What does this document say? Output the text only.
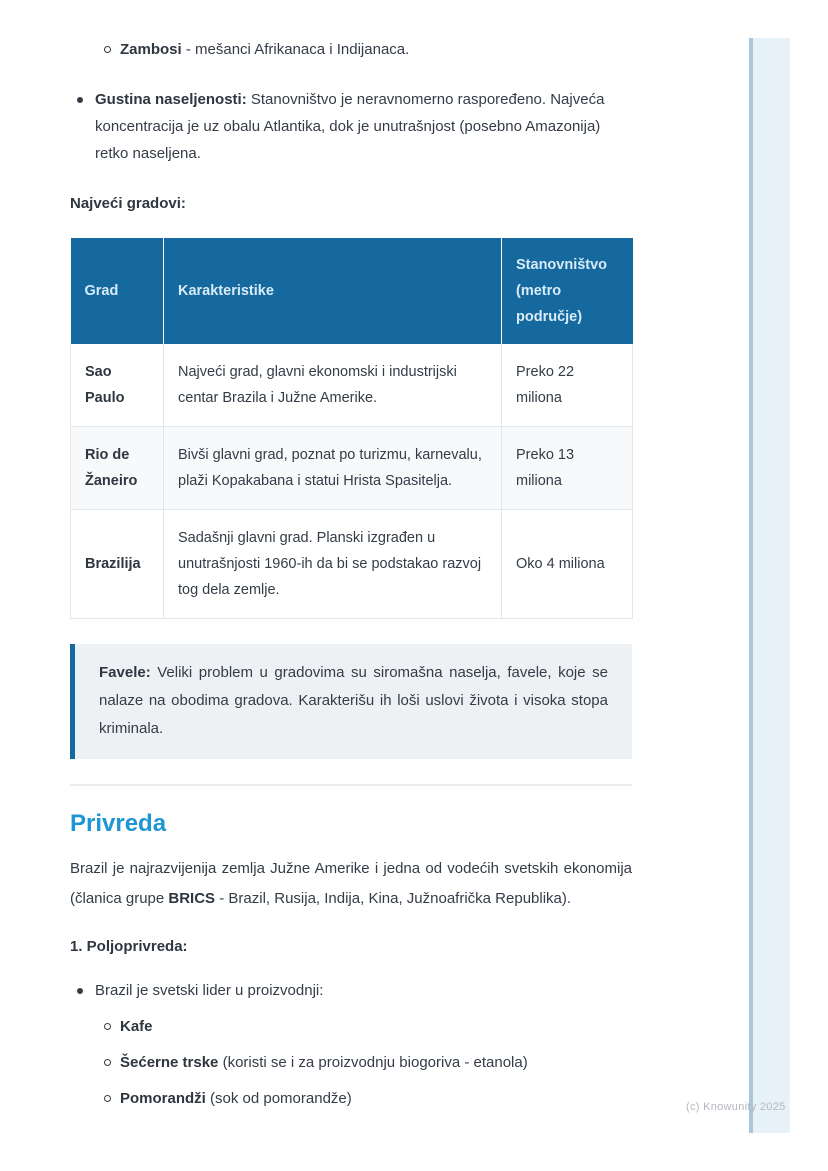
Zambosi - mešanci Afrikanaca i Indijanaca.
Gustina naseljenosti: Stanovništvo je neravnomerno raspoređeno. Najveća koncentracija je uz obalu Atlantika, dok je unutrašnjost (posebno Amazonija) retko naseljena.
Najveći gradovi:
Grad	Karakteristike	Stanovništvo (metro područje)
Sao Paulo	Najveći grad, glavni ekonomski i industrijski centar Brazila i Južne Amerike.	Preko 22 miliona
Rio de Žaneiro	Bivši glavni grad, poznat po turizmu, karnevalu, plaži Kopakabana i statui Hrista Spasitelja.	Preko 13 miliona
Brazilija	Sadašnji glavni grad. Planski izgrađen u unutrašnjosti 1960-ih da bi se podstakao razvoj tog dela zemlje.	Oko 4 miliona
Favele: Veliki problem u gradovima su siromašna naselja, favele, koje se nalaze na obodima gradova. Karakterišu ih loši uslovi života i visoka stopa kriminala.
Privreda
Brazil je najrazvijenija zemlja Južne Amerike i jedna od vodećih svetskih ekonomija (članica grupe BRICS - Brazil, Rusija, Indija, Kina, Južnoafrička Republika).
1. Poljoprivreda:
Brazil je svetski lider u proizvodnji:
Kafe
Šećerne trske (koristi se i za proizvodnju biogoriva - etanola)
Pomorandži (sok od pomorandže)	(c) Knowunity 2025
